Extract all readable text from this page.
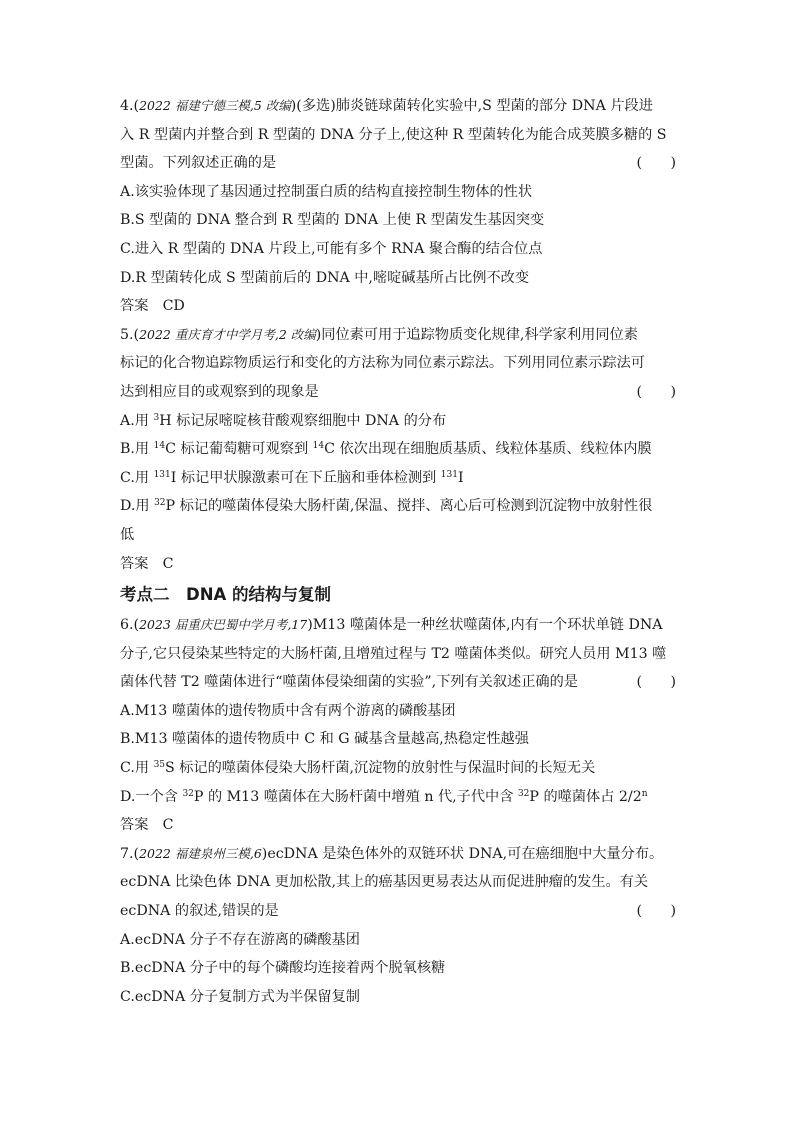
4.(2022 福建宁德三模,5 改编)(多选)肺炎链球菌转化实验中,S 型菌的部分 DNA 片段进
入 R 型菌内并整合到 R 型菌的 DNA 分子上,使这种 R 型菌转化为能合成荚膜多糖的 S
型菌。下列叙述正确的是	(　　)
A.该实验体现了基因通过控制蛋白质的结构直接控制生物体的性状
B.S 型菌的 DNA 整合到 R 型菌的 DNA 上使 R 型菌发生基因突变
C.进入 R 型菌的 DNA 片段上,可能有多个 RNA 聚合酶的结合位点
D.R 型菌转化成 S 型菌前后的 DNA 中,嘧啶碱基所占比例不改变
答案　CD
5.(2022 重庆育才中学月考,2 改编)同位素可用于追踪物质变化规律,科学家利用同位素
标记的化合物追踪物质运行和变化的方法称为同位素示踪法。下列用同位素示踪法可
达到相应目的或观察到的现象是	(　　)
A.用 $^3$H 标记尿嘧啶核苷酸观察细胞中 DNA 的分布
B.用 $^{14}$C 标记葡萄糖可观察到 $^{14}$C 依次出现在细胞质基质、线粒体基质、线粒体内膜
C.用 $^{131}$I 标记甲状腺激素可在下丘脑和垂体检测到 $^{131}$I
D.用 $^{32}$P 标记的噬菌体侵染大肠杆菌,保温、搅拌、离心后可检测到沉淀物中放射性很
低
答案　C
考点二　DNA 的结构与复制
6.(2023 届重庆巴蜀中学月考,17)M13 噬菌体是一种丝状噬菌体,内有一个环状单链 DNA
分子,它只侵染某些特定的大肠杆菌,且增殖过程与 T2 噬菌体类似。研究人员用 M13 噬
菌体代替 T2 噬菌体进行“噬菌体侵染细菌的实验”,下列有关叙述正确的是	(　　)
A.M13 噬菌体的遗传物质中含有两个游离的磷酸基团
B.M13 噬菌体的遗传物质中 C 和 G 碱基含量越高,热稳定性越强
C.用 $^{35}$S 标记的噬菌体侵染大肠杆菌,沉淀物的放射性与保温时间的长短无关
D.一个含 $^{32}$P 的 M13 噬菌体在大肠杆菌中增殖 n 代,子代中含 $^{32}$P 的噬菌体占 2/2$^n$
答案　C
7.(2022 福建泉州三模,6)ecDNA 是染色体外的双链环状 DNA,可在癌细胞中大量分布。
ecDNA 比染色体 DNA 更加松散,其上的癌基因更易表达从而促进肿瘤的发生。有关
ecDNA 的叙述,错误的是	(　　)
A.ecDNA 分子不存在游离的磷酸基团
B.ecDNA 分子中的每个磷酸均连接着两个脱氧核糖
C.ecDNA 分子复制方式为半保留复制
